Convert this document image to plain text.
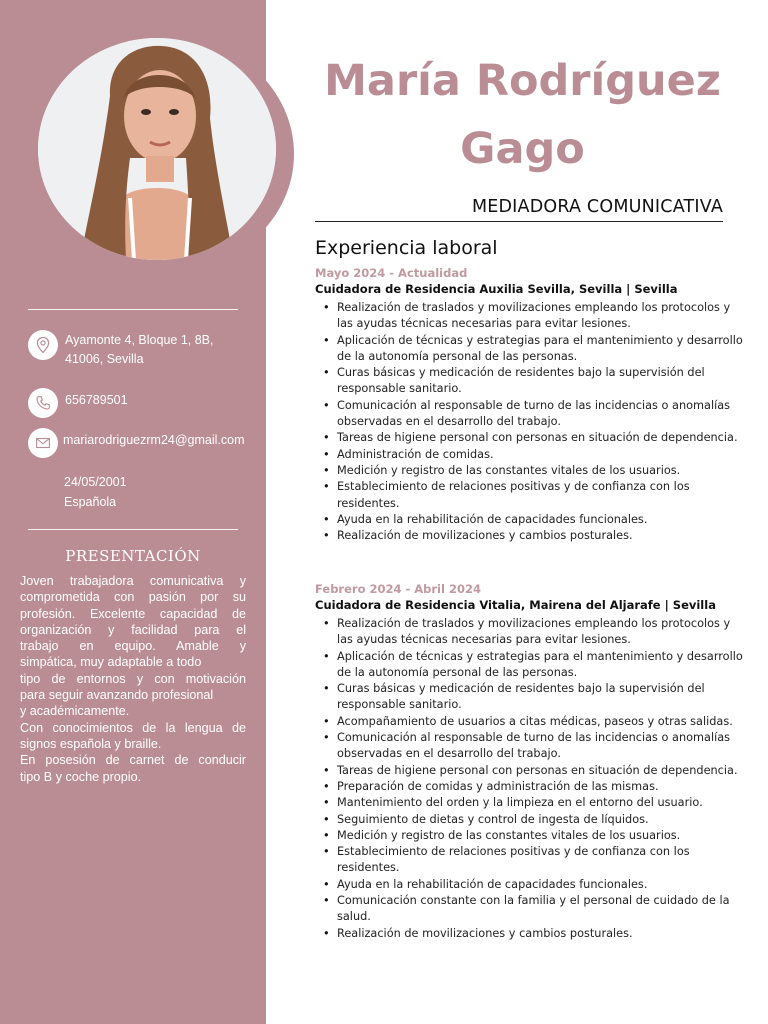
Ayamonte 4, Bloque 1, 8B,
41006, Sevilla
656789501
mariarodriguezrm24@gmail.com
24/05/2001
Española
PRESENTACIÓN
Joven trabajadora comunicativa y
comprometida con pasión por su
profesión. Excelente capacidad de
organización y facilidad para el
trabajo en equipo. Amable y
simpática, muy adaptable a todo
tipo de entornos y con motivación
para seguir avanzando profesional
y académicamente.
Con conocimientos de la lengua de
signos española y braille.
En posesión de carnet de conducir
tipo B y coche propio.
María Rodríguez
Gago
MEDIADORA COMUNICATIVA
Experiencia laboral
Mayo 2024 - Actualidad
Cuidadora de Residencia Auxilia Sevilla, Sevilla | Sevilla
• Realización de traslados y movilizaciones empleando los protocolos y las ayudas técnicas necesarias para evitar lesiones.
• Aplicación de técnicas y estrategias para el mantenimiento y desarrollo de la autonomía personal de las personas.
• Curas básicas y medicación de residentes bajo la supervisión del responsable sanitario.
• Comunicación al responsable de turno de las incidencias o anomalías observadas en el desarrollo del trabajo.
• Tareas de higiene personal con personas en situación de dependencia.
• Administración de comidas.
• Medición y registro de las constantes vitales de los usuarios.
• Establecimiento de relaciones positivas y de confianza con los residentes.
• Ayuda en la rehabilitación de capacidades funcionales.
• Realización de movilizaciones y cambios posturales.
Febrero 2024 - Abril 2024
Cuidadora de Residencia Vitalia, Mairena del Aljarafe | Sevilla
• Realización de traslados y movilizaciones empleando los protocolos y las ayudas técnicas necesarias para evitar lesiones.
• Aplicación de técnicas y estrategias para el mantenimiento y desarrollo de la autonomía personal de las personas.
• Curas básicas y medicación de residentes bajo la supervisión del responsable sanitario.
• Acompañamiento de usuarios a citas médicas, paseos y otras salidas.
• Comunicación al responsable de turno de las incidencias o anomalías observadas en el desarrollo del trabajo.
• Tareas de higiene personal con personas en situación de dependencia.
• Preparación de comidas y administración de las mismas.
• Mantenimiento del orden y la limpieza en el entorno del usuario.
• Seguimiento de dietas y control de ingesta de líquidos.
• Medición y registro de las constantes vitales de los usuarios.
• Establecimiento de relaciones positivas y de confianza con los residentes.
• Ayuda en la rehabilitación de capacidades funcionales.
• Comunicación constante con la familia y el personal de cuidado de la salud.
• Realización de movilizaciones y cambios posturales.
